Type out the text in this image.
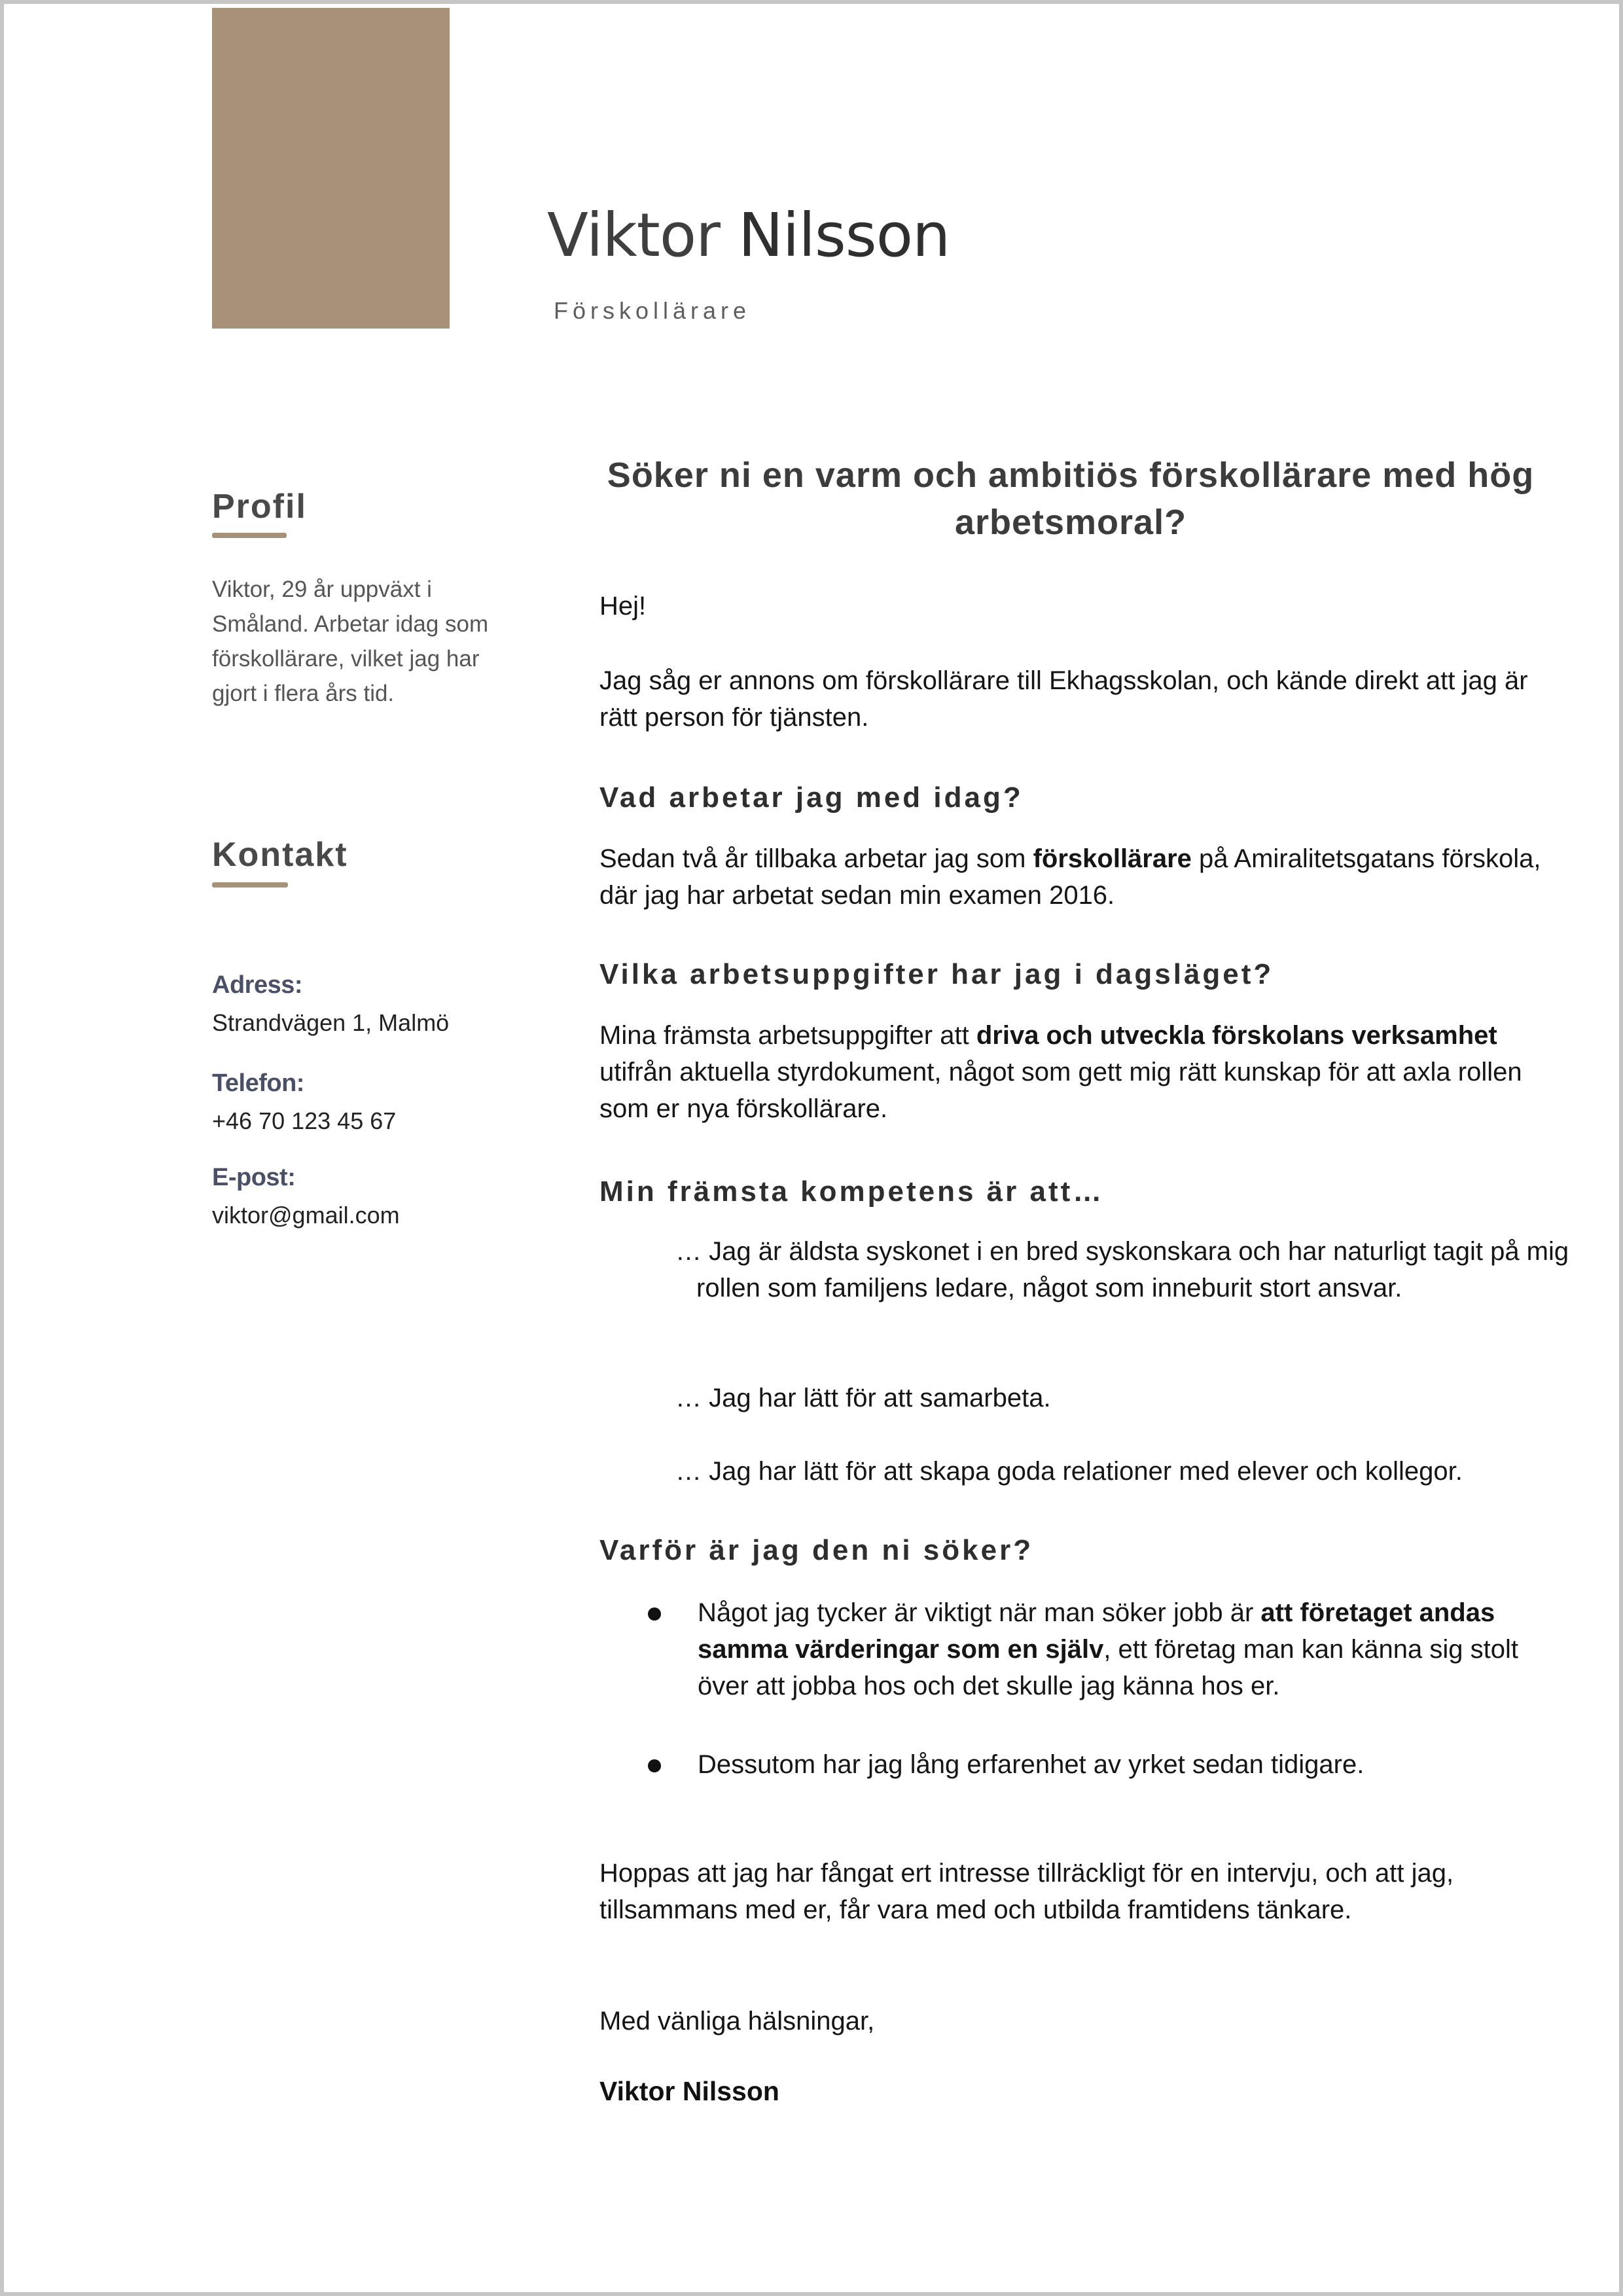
Viktor Nilsson
Förskollärare
Profil
Viktor, 29 år uppväxt i Småland. Arbetar idag som förskollärare, vilket jag har gjort i flera års tid.
Kontakt
Adress:
Strandvägen 1, Malmö
Telefon:
+46 70 123 45 67
E-post:
viktor@gmail.com
Söker ni en varm och ambitiös förskollärare med hög arbetsmoral?
Hej!
Jag såg er annons om förskollärare till Ekhagsskolan, och kände direkt att jag är rätt person för tjänsten.
Vad arbetar jag med idag?
Sedan två år tillbaka arbetar jag som förskollärare på Amiralitetsgatans förskola, där jag har arbetat sedan min examen 2016.
Vilka arbetsuppgifter har jag i dagsläget?
Mina främsta arbetsuppgifter att driva och utveckla förskolans verksamhet utifrån aktuella styrdokument, något som gett mig rätt kunskap för att axla rollen som er nya förskollärare.
Min främsta kompetens är att…
… Jag är äldsta syskonet i en bred syskonskara och har naturligt tagit på mig rollen som familjens ledare, något som inneburit stort ansvar.
… Jag har lätt för att samarbeta.
… Jag har lätt för att skapa goda relationer med elever och kollegor.
Varför är jag den ni söker?
Något jag tycker är viktigt när man söker jobb är att företaget andas samma värderingar som en själv, ett företag man kan känna sig stolt över att jobba hos och det skulle jag känna hos er.
Dessutom har jag lång erfarenhet av yrket sedan tidigare.
Hoppas att jag har fångat ert intresse tillräckligt för en intervju, och att jag, tillsammans med er, får vara med och utbilda framtidens tänkare.
Med vänliga hälsningar,
Viktor Nilsson
